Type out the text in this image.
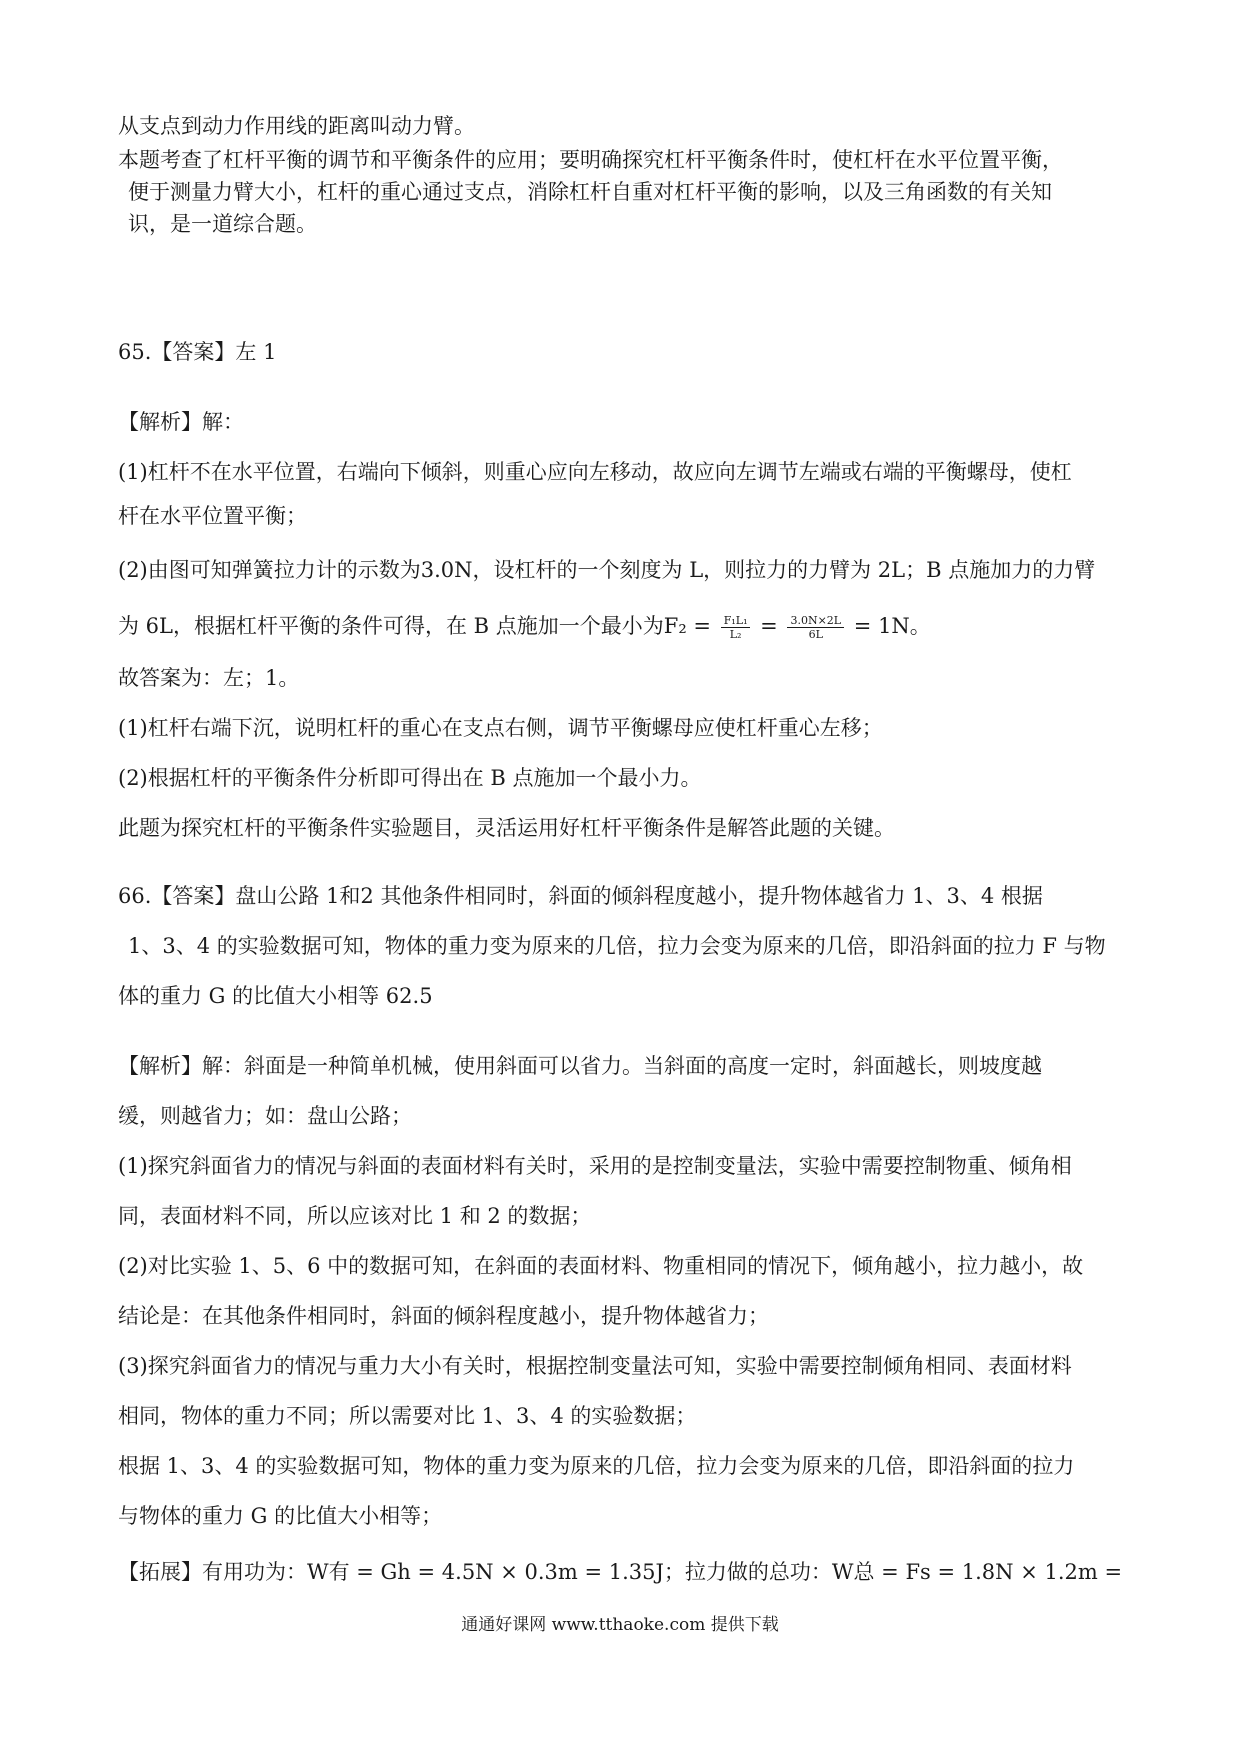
从支点到动力作用线的距离叫动力臂。
本题考查了杠杆平衡的调节和平衡条件的应用；要明确探究杠杆平衡条件时，使杠杆在水平位置平衡，
便于测量力臂大小，杠杆的重心通过支点，消除杠杆自重对杠杆平衡的影响，以及三角函数的有关知
识，是一道综合题。
65.【答案】左 1
【解析】解：
(1)杠杆不在水平位置，右端向下倾斜，则重心应向左移动，故应向左调节左端或右端的平衡螺母，使杠
杆在水平位置平衡；
(2)由图可知弹簧拉力计的示数为3.0N，设杠杆的一个刻度为 L，则拉力的力臂为 2L；B 点施加力的力臂
为 6L，根据杠杆平衡的条件可得，在 B 点施加一个最小为$F_2 = \frac{\text{F₁L₁}}{\text{L₂}} = \frac{3.0N\times 2L}{6L} = 1N$。
故答案为：左；1。
(1)杠杆右端下沉，说明杠杆的重心在支点右侧，调节平衡螺母应使杠杆重心左移；
(2)根据杠杆的平衡条件分析即可得出在 B 点施加一个最小力。
此题为探究杠杆的平衡条件实验题目，灵活运用好杠杆平衡条件是解答此题的关键。
66.【答案】盘山公路 1和2 其他条件相同时，斜面的倾斜程度越小，提升物体越省力 1、3、4 根据
1、3、4 的实验数据可知，物体的重力变为原来的几倍，拉力会变为原来的几倍，即沿斜面的拉力 F 与物
体的重力 G 的比值大小相等 62.5
【解析】解：斜面是一种简单机械，使用斜面可以省力。当斜面的高度一定时，斜面越长，则坡度越
缓，则越省力；如：盘山公路；
(1)探究斜面省力的情况与斜面的表面材料有关时，采用的是控制变量法，实验中需要控制物重、倾角相
同，表面材料不同，所以应该对比 1 和 2 的数据；
(2)对比实验 1、5、6 中的数据可知，在斜面的表面材料、物重相同的情况下，倾角越小，拉力越小，故
结论是：在其他条件相同时，斜面的倾斜程度越小，提升物体越省力；
(3)探究斜面省力的情况与重力大小有关时，根据控制变量法可知，实验中需要控制倾角相同、表面材料
相同，物体的重力不同；所以需要对比 1、3、4 的实验数据；
根据 1、3、4 的实验数据可知，物体的重力变为原来的几倍，拉力会变为原来的几倍，即沿斜面的拉力
与物体的重力 G 的比值大小相等；
【拓展】有用功为：W有 = Gh = 4.5N × 0.3m = 1.35J；拉力做的总功：W总 = Fs = 1.8N × 1.2m =
通通好课网 www.tthaoke.com 提供下载
